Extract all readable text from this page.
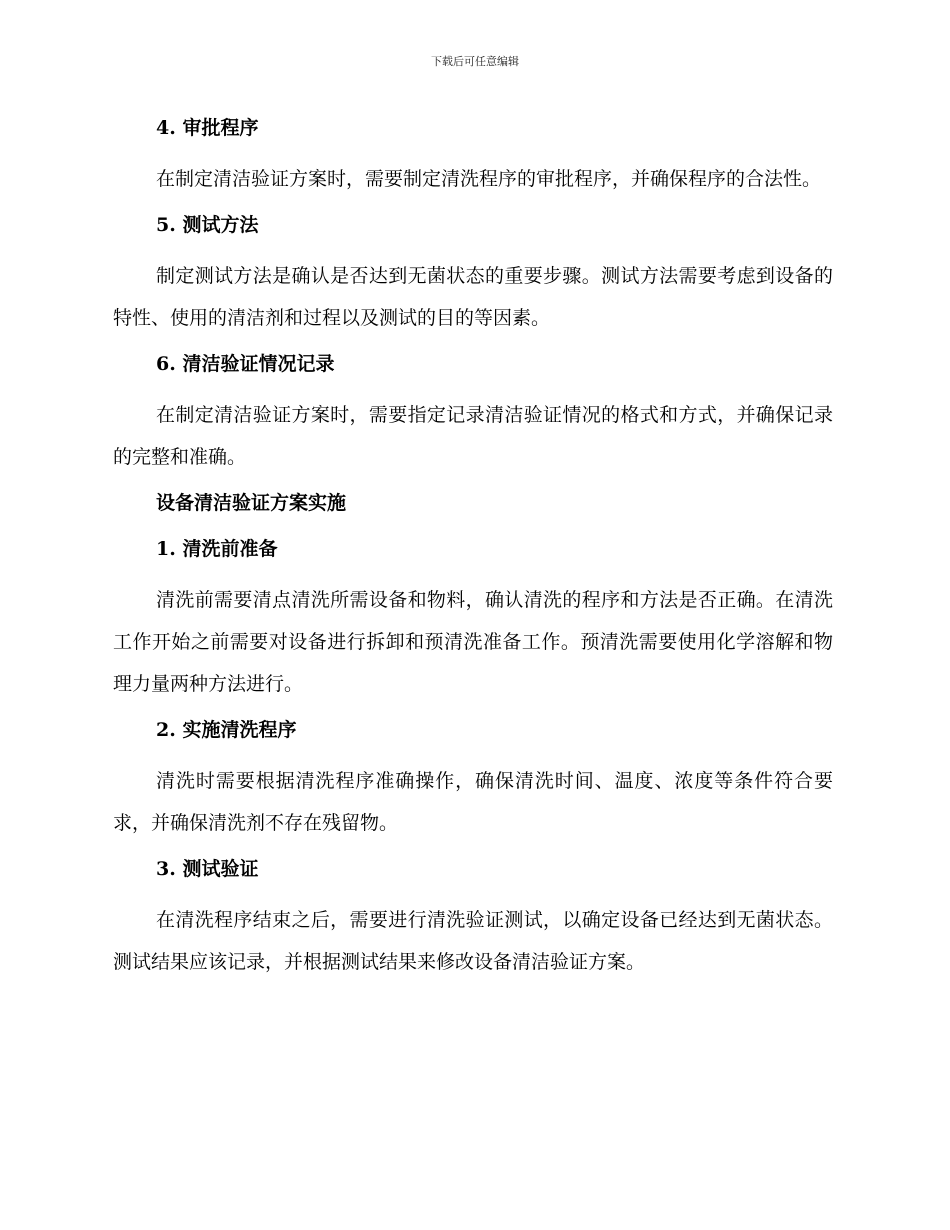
下载后可任意编辑
4. 审批程序

在制定清洁验证方案时，需要制定清洗程序的审批程序，并确保程序的合法性。

5. 测试方法

制定测试方法是确认是否达到无菌状态的重要步骤。测试方法需要考虑到设备的特性、使用的清洁剂和过程以及测试的目的等因素。

6. 清洁验证情况记录

在制定清洁验证方案时，需要指定记录清洁验证情况的格式和方式，并确保记录的完整和准确。

设备清洁验证方案实施
1. 清洗前准备

清洗前需要清点清洗所需设备和物料，确认清洗的程序和方法是否正确。在清洗工作开始之前需要对设备进行拆卸和预清洗准备工作。预清洗需要使用化学溶解和物理力量两种方法进行。

2. 实施清洗程序

清洗时需要根据清洗程序准确操作，确保清洗时间、温度、浓度等条件符合要求，并确保清洗剂不存在残留物。

3. 测试验证

在清洗程序结束之后，需要进行清洗验证测试，以确定设备已经达到无菌状态。测试结果应该记录，并根据测试结果来修改设备清洁验证方案。
